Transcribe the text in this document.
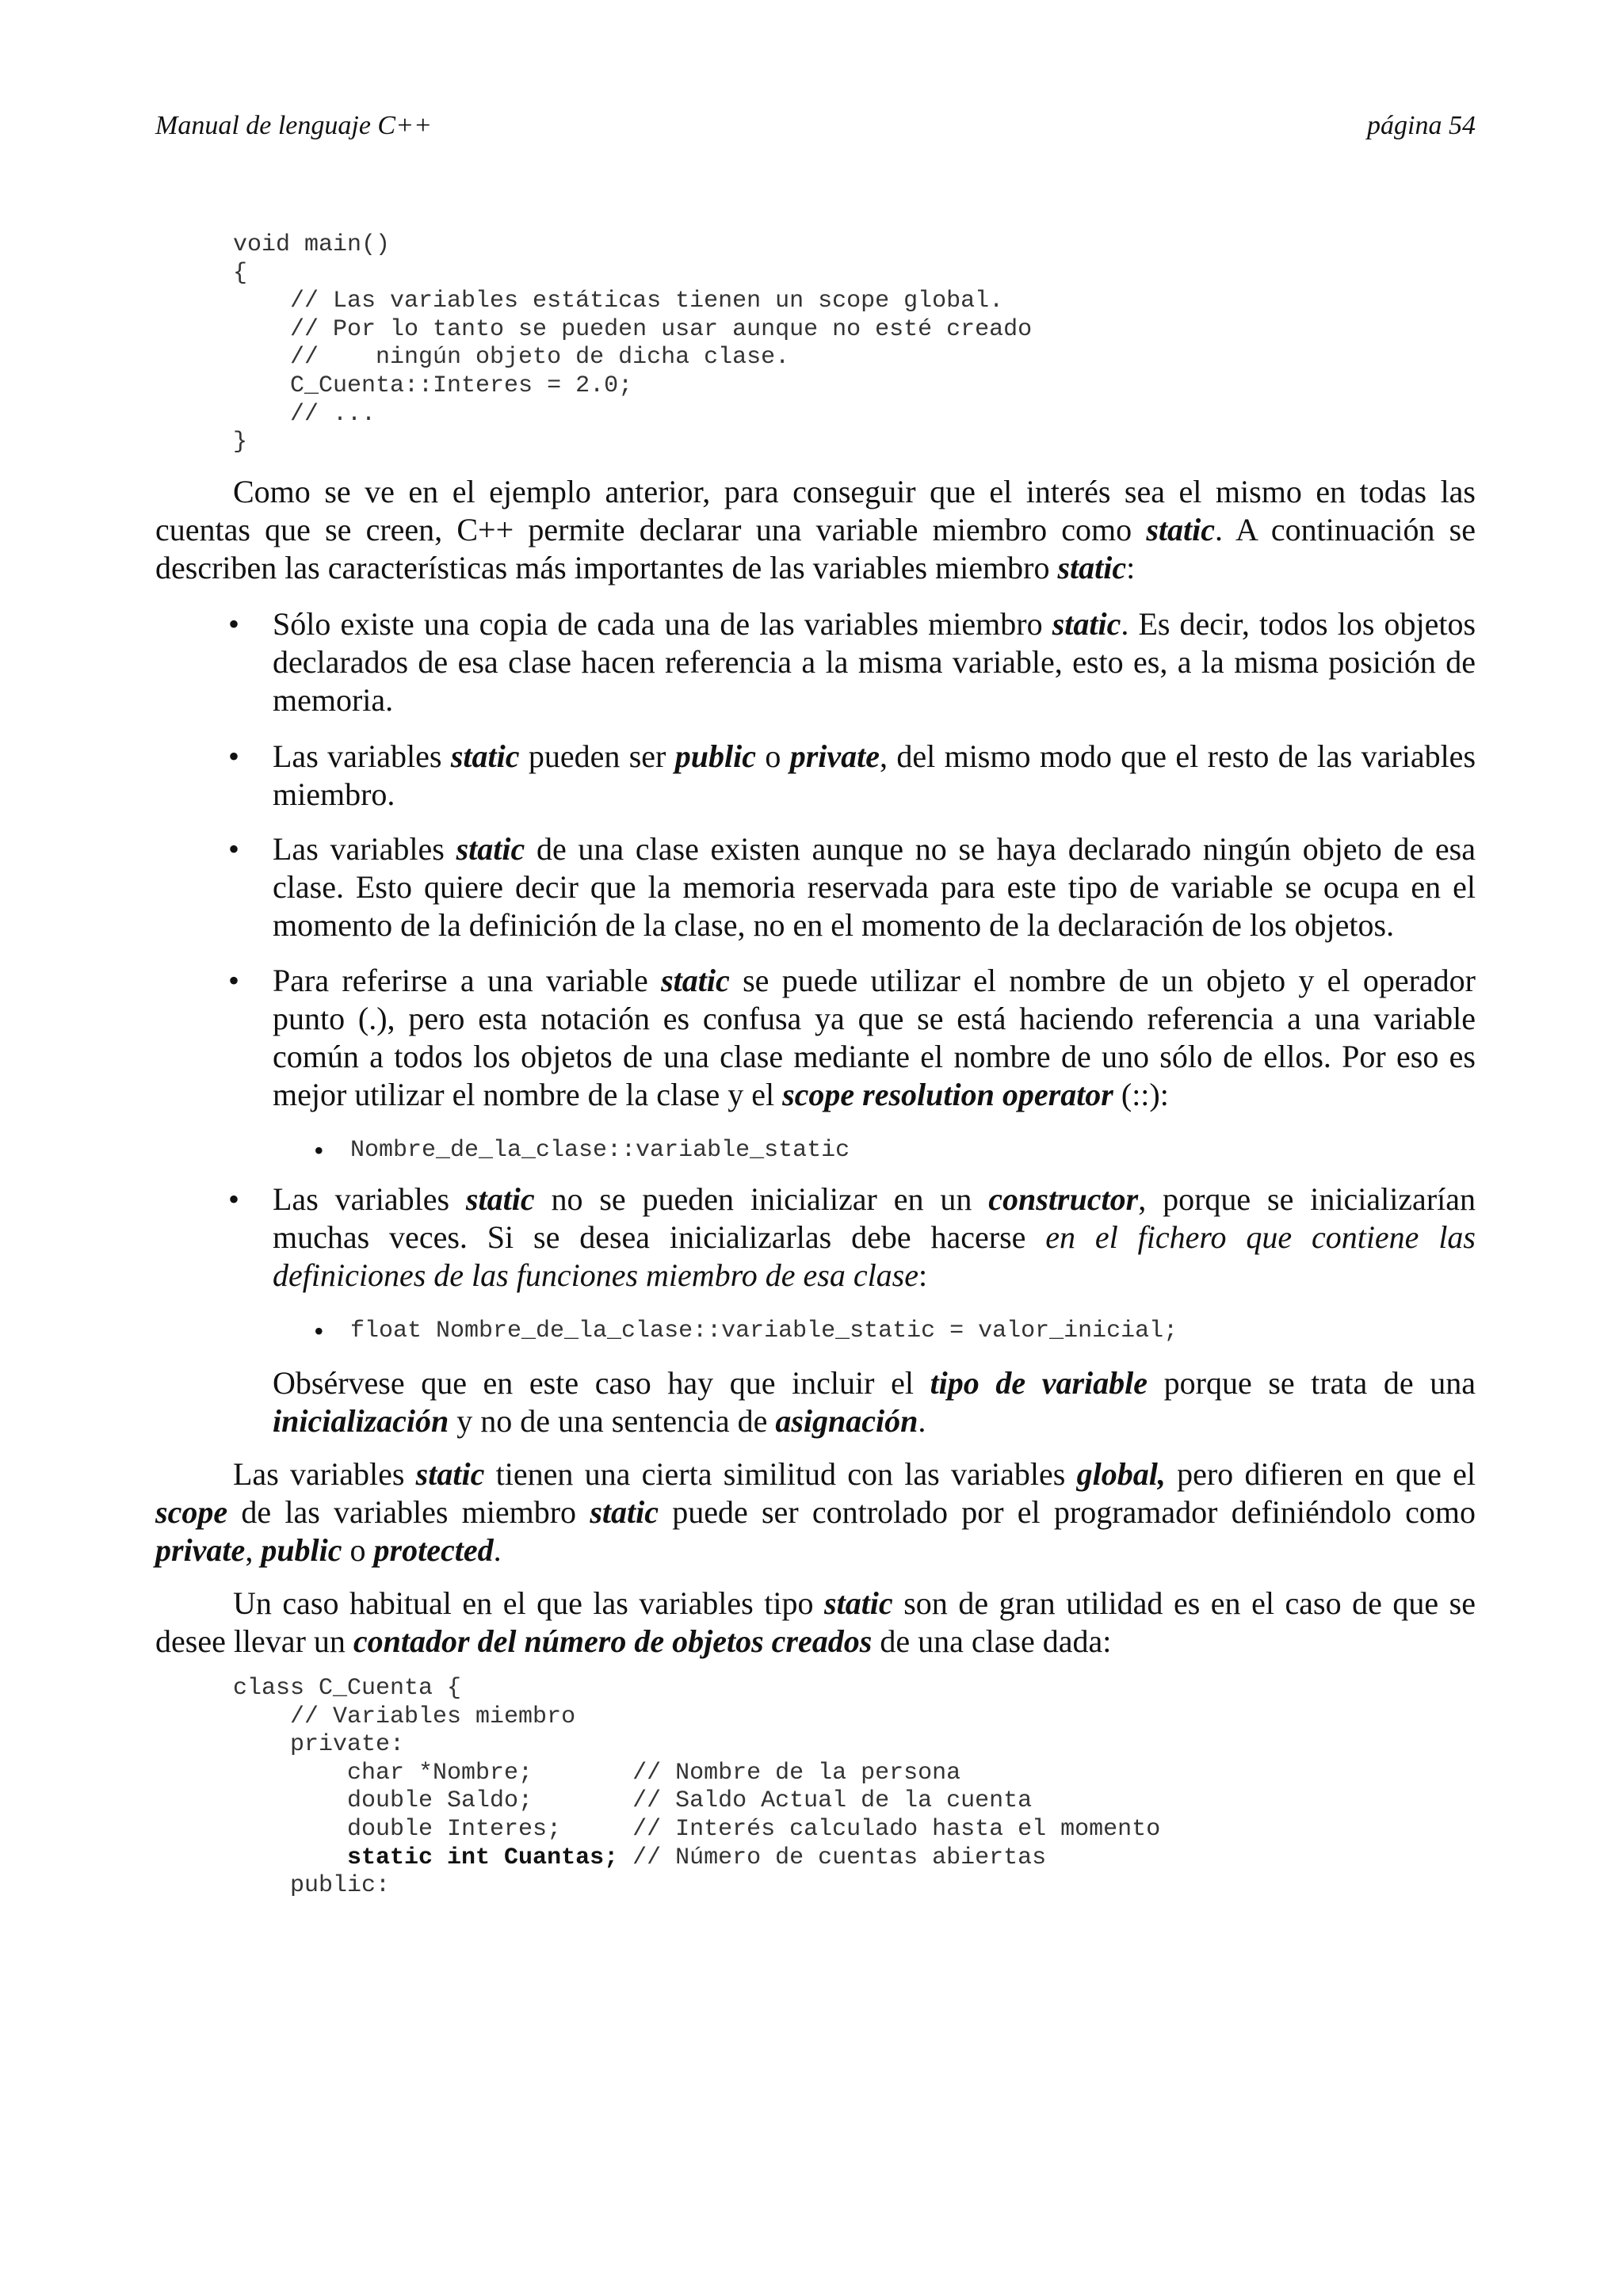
Manual de lenguaje C++	página 54
void main()
{
// Las variables estáticas tienen un scope global.
// Por lo tanto se pueden usar aunque no esté creado
//    ningún objeto de dicha clase.
C_Cuenta::Interes = 2.0;
// ...
}

Como se ve en el ejemplo anterior, para conseguir que el interés sea el mismo en todas las cuentas que se creen, C++ permite declarar una variable miembro como static. A continuación se describen las características más importantes de las variables miembro static:

• Sólo existe una copia de cada una de las variables miembro static. Es decir, todos los objetos declarados de esa clase hacen referencia a la misma variable, esto es, a la misma posición de memoria.

• Las variables static pueden ser public o private, del mismo modo que el resto de las variables miembro.

• Las variables static de una clase existen aunque no se haya declarado ningún objeto de esa clase. Esto quiere decir que la memoria reservada para este tipo de variable se ocupa en el momento de la definición de la clase, no en el momento de la declaración de los objetos.

• Para referirse a una variable static se puede utilizar el nombre de un objeto y el operador punto (.), pero esta notación es confusa ya que se está haciendo referencia a una variable común a todos los objetos de una clase mediante el nombre de uno sólo de ellos. Por eso es mejor utilizar el nombre de la clase y el scope resolution operator (::):

• Nombre_de_la_clase::variable_static

• Las variables static no se pueden inicializar en un constructor, porque se inicializarían muchas veces. Si se desea inicializarlas debe hacerse en el fichero que contiene las definiciones de las funciones miembro de esa clase:

• float Nombre_de_la_clase::variable_static = valor_inicial;

Obsérvese que en este caso hay que incluir el tipo de variable porque se trata de una inicialización y no de una sentencia de asignación.

Las variables static tienen una cierta similitud con las variables global, pero difieren en que el scope de las variables miembro static puede ser controlado por el programador definiéndolo como private, public o protected.

Un caso habitual en el que las variables tipo static son de gran utilidad es en el caso de que se desee llevar un contador del número de objetos creados de una clase dada:

class C_Cuenta {
// Variables miembro
private:
char *Nombre;       // Nombre de la persona
double Saldo;       // Saldo Actual de la cuenta
double Interes;     // Interés calculado hasta el momento
static int Cuantas; // Número de cuentas abiertas
public:
